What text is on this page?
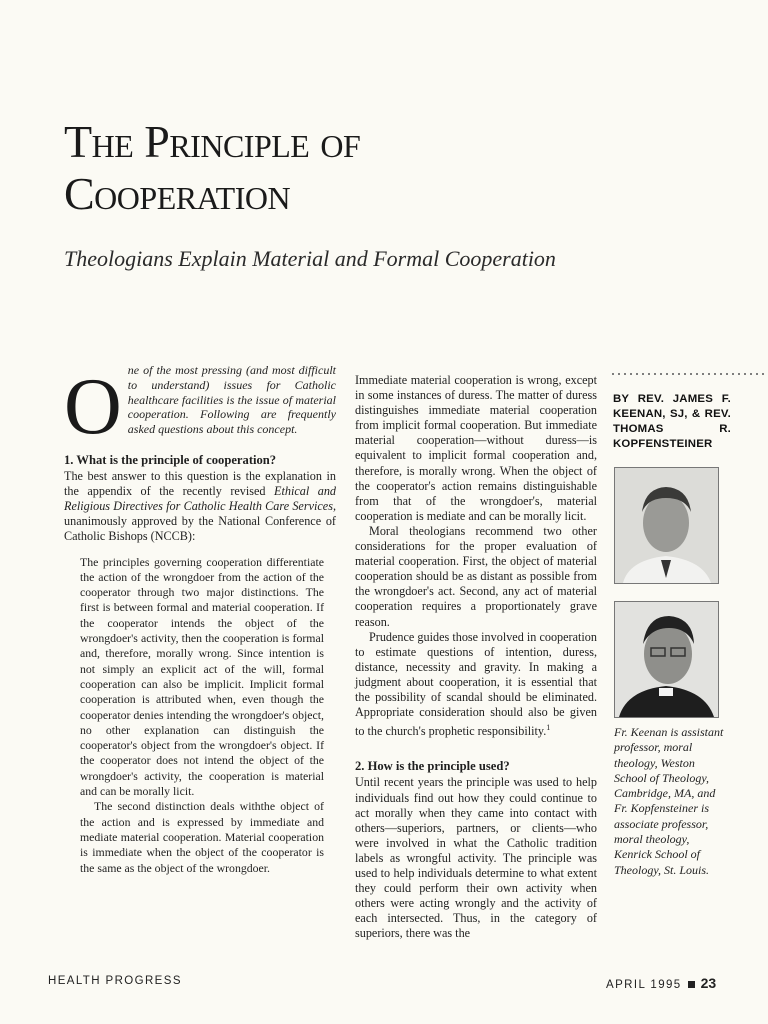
The Principle of
Cooperation
Theologians Explain Material and Formal Cooperation
O ne of the most pressing (and most difficult to understand) issues for Catholic healthcare facilities is the issue of material cooperation. Following are frequently asked questions about this concept.

1. What is the principle of cooperation?

The best answer to this question is the explanation in the appendix of the recently revised Ethical and Religious Directives for Catholic Health Care Services, unanimously approved by the National Conference of Catholic Bishops (NCCB):

The principles governing cooperation differentiate the action of the wrongdoer from the action of the cooperator through two major distinctions. The first is between formal and material cooperation. If the cooperator intends the object of the wrongdoer's activity, then the cooperation is formal and, therefore, morally wrong. Since intention is not simply an explicit act of the will, formal cooperation can also be implicit. Implicit formal cooperation is attributed when, even though the cooperator denies intending the wrongdoer's object, no other explanation can distinguish the cooperator's object from the wrongdoer's object. If the cooperator does not intend the object of the wrongdoer's activity, the cooperation is material and can be morally licit.

The second distinction deals withthe object of the action and is expressed by immediate and mediate material cooperation. Material cooperation is immediate when the object of the cooperator is the same as the object of the wrongdoer.

Immediate material cooperation is wrong, except in some instances of duress. The matter of duress distinguishes immediate material cooperation from implicit formal cooperation. But immediate material cooperation—without duress—is equivalent to implicit formal cooperation and, therefore, is morally wrong. When the object of the cooperator's action remains distinguishable from that of the wrongdoer's, material cooperation is mediate and can be morally licit.

Moral theologians recommend two other considerations for the proper evaluation of material cooperation. First, the object of material cooperation should be as distant as possible from the wrongdoer's act. Second, any act of material cooperation requires a proportionately grave reason.

Prudence guides those involved in cooperation to estimate questions of intention, duress, distance, necessity and gravity. In making a judgment about cooperation, it is essential that the possibility of scandal should be eliminated. Appropriate consideration should also be given to the church's prophetic responsibility.$^1$

2. How is the principle used?

Until recent years the principle was used to help individuals find out how they could continue to act morally when they came into contact with others—superiors, partners, or clients—who were involved in what the Catholic tradition labels as wrongful activity. The principle was used to help individuals determine to what extent they could perform their own activity when others were acting wrongly and the activity of each intersected. Thus, in the category of superiors, there was the

BY REV. JAMES F. KEENAN, SJ, & REV. THOMAS R. KOPFENSTEINER
Fr. Keenan is assistant professor, moral theology, Weston School of Theology, Cambridge, MA, and Fr. Kopfensteiner is associate professor, moral theology, Kenrick School of Theology, St. Louis.
HEALTH PROGRESS	APRIL 1995 23
